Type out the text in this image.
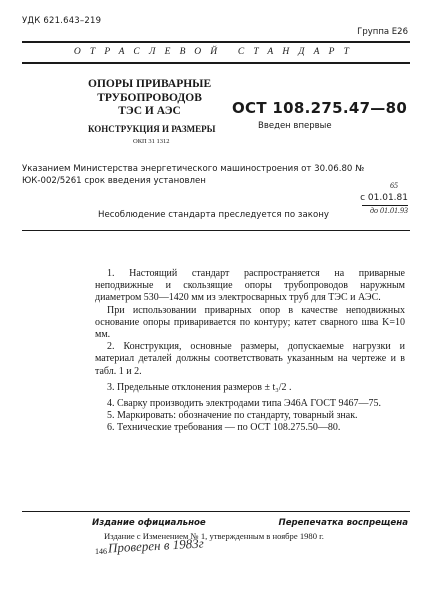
УДК 621.643–219
Группа Е26
ОТРАСЛЕВОЙ СТАНДАРТ
ОПОРЫ ПРИВАРНЫЕ
ТРУБОПРОВОДОВ
ТЭС И АЭС
КОНСТРУКЦИЯ И РАЗМЕРЫ
ОКП 31 1312
ОСТ 108.275.47—80
Введен впервые
Указанием Министерства энергетического машиностроения от 30.06.80 № ЮК-002/5261 срок введения установлен	65
с 01.01.81
до 01.01.93
Несоблюдение стандарта преследуется по закону

1. Настоящий стандарт распространяется на приварные неподвижные и скользящие опоры трубопроводов наружным диаметром 530—1420 мм из электросварных труб для ТЭС и АЭС.

При использовании приварных опор в качестве неподвижных основание опоры приваривается по контуру; катет сварного шва K=10 мм.

2. Конструкция, основные размеры, допускаемые нагрузки и материал деталей должны соответствовать указанным на чертеже и в табл. 1 и 2.

3. Предельные отклонения размеров ± t₃/2 .

4. Сварку производить электродами типа Э46А ГОСТ 9467—75.

5. Маркировать: обозначение по стандарту, товарный знак.

6. Технические требования — по ОСТ 108.275.50—80.

Издание официальное	Перепечатка воспрещена
Издание с Изменением № 1, утвержденным в ноябре 1980 г.
146 Проверен в 1983г
